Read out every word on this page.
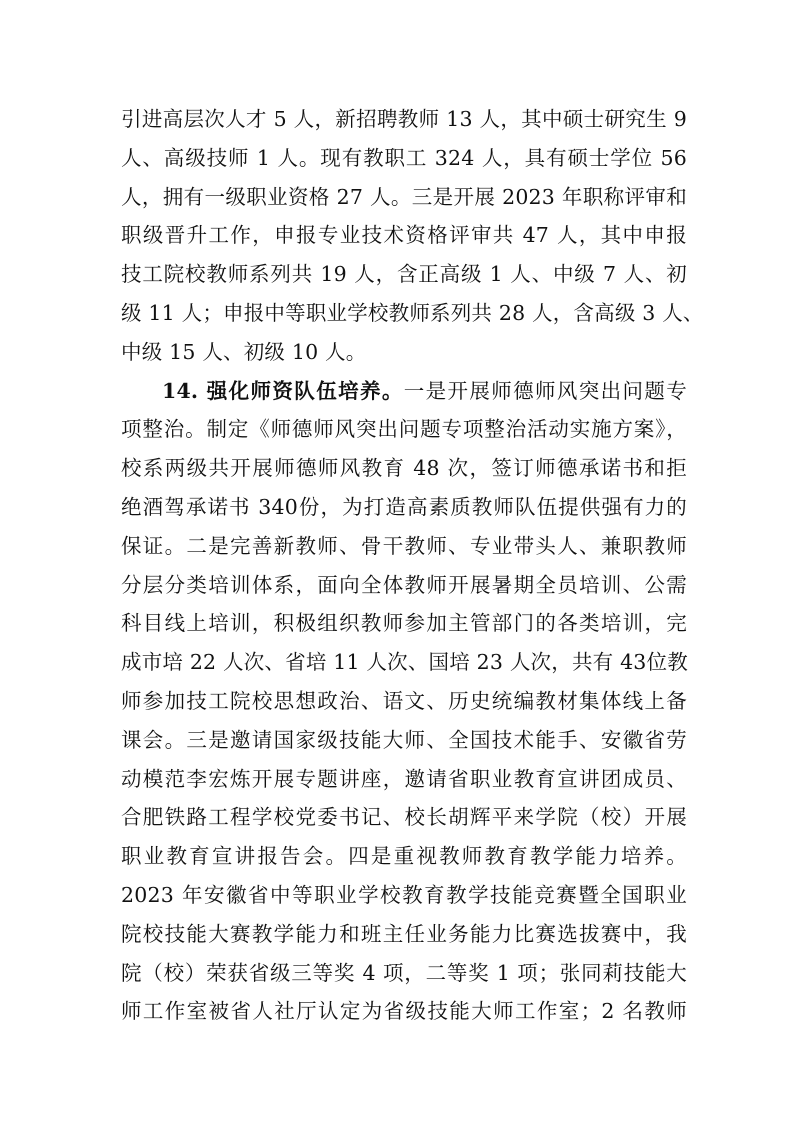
引进高层次人才 5 人，新招聘教师 13 人，其中硕士研究生 9
人、高级技师 1 人。现有教职工 324 人，具有硕士学位 56
人，拥有一级职业资格 27 人。三是开展 2023 年职称评审和
职级晋升工作，申报专业技术资格评审共 47 人，其中申报
技工院校教师系列共 19 人，含正高级 1 人、中级 7 人、初
级 11 人；申报中等职业学校教师系列共 28 人，含高级 3 人、
中级 15 人、初级 10 人。
14. 强化师资队伍培养。一是开展师德师风突出问题专
项整治。制定《师德师风突出问题专项整治活动实施方案》，
校系两级共开展师德师风教育 48 次，签订师德承诺书和拒
绝酒驾承诺书 340份，为打造高素质教师队伍提供强有力的
保证。二是完善新教师、骨干教师、专业带头人、兼职教师
分层分类培训体系，面向全体教师开展暑期全员培训、公需
科目线上培训，积极组织教师参加主管部门的各类培训，完
成市培 22 人次、省培 11 人次、国培 23 人次，共有 43位教
师参加技工院校思想政治、语文、历史统编教材集体线上备
课会。三是邀请国家级技能大师、全国技术能手、安徽省劳
动模范李宏炼开展专题讲座，邀请省职业教育宣讲团成员、
合肥铁路工程学校党委书记、校长胡辉平来学院（校）开展
职业教育宣讲报告会。四是重视教师教育教学能力培养。
2023 年安徽省中等职业学校教育教学技能竞赛暨全国职业
院校技能大赛教学能力和班主任业务能力比赛选拔赛中，我
院（校）荣获省级三等奖 4 项，二等奖 1 项；张同莉技能大
师工作室被省人社厅认定为省级技能大师工作室；2 名教师
